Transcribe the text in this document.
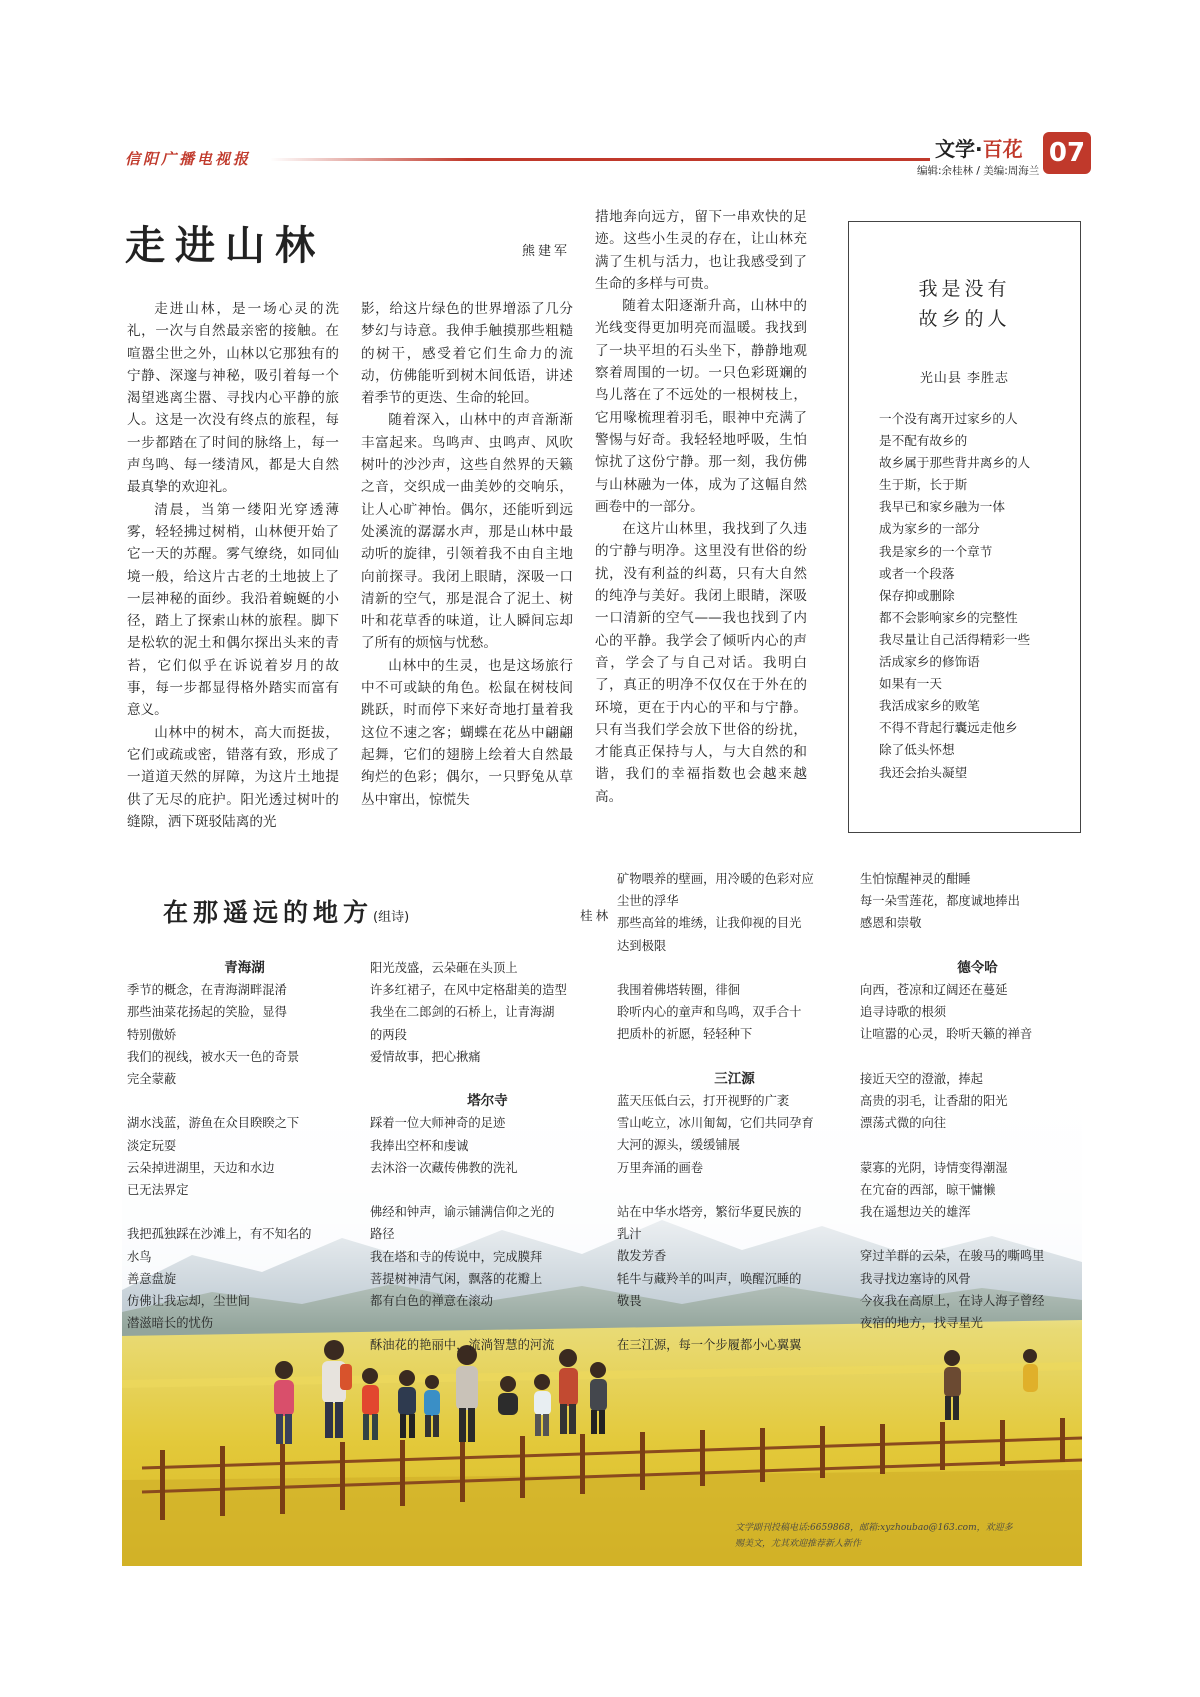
信阳广播电视报	文学·百花 07
编辑:余桂林 / 美编:周海兰
走进山林	熊建军

走进山林，是一场心灵的洗礼，一次与自然最亲密的接触。在喧嚣尘世之外，山林以它那独有的宁静、深邃与神秘，吸引着每一个渴望逃离尘嚣、寻找内心平静的旅人。这是一次没有终点的旅程，每一步都踏在了时间的脉络上，每一声鸟鸣、每一缕清风，都是大自然最真挚的欢迎礼。

清晨，当第一缕阳光穿透薄雾，轻轻拂过树梢，山林便开始了它一天的苏醒。雾气缭绕，如同仙境一般，给这片古老的土地披上了一层神秘的面纱。我沿着蜿蜒的小径，踏上了探索山林的旅程。脚下是松软的泥土和偶尔探出头来的青苔，它们似乎在诉说着岁月的故事，每一步都显得格外踏实而富有意义。

山林中的树木，高大而挺拔，它们或疏或密，错落有致，形成了一道道天然的屏障，为这片土地提供了无尽的庇护。阳光透过树叶的缝隙，洒下斑驳陆离的光

影，给这片绿色的世界增添了几分梦幻与诗意。我伸手触摸那些粗糙的树干，感受着它们生命力的流动，仿佛能听到树木间低语，讲述着季节的更迭、生命的轮回。

随着深入，山林中的声音渐渐丰富起来。鸟鸣声、虫鸣声、风吹树叶的沙沙声，这些自然界的天籁之音，交织成一曲美妙的交响乐，让人心旷神怡。偶尔，还能听到远处溪流的潺潺水声，那是山林中最动听的旋律，引领着我不由自主地向前探寻。我闭上眼睛，深吸一口清新的空气，那是混合了泥土、树叶和花草香的味道，让人瞬间忘却了所有的烦恼与忧愁。

山林中的生灵，也是这场旅行中不可或缺的角色。松鼠在树枝间跳跃，时而停下来好奇地打量着我这位不速之客；蝴蝶在花丛中翩翩起舞，它们的翅膀上绘着大自然最绚烂的色彩；偶尔，一只野兔从草丛中窜出，惊慌失

措地奔向远方，留下一串欢快的足迹。这些小生灵的存在，让山林充满了生机与活力，也让我感受到了生命的多样与可贵。

随着太阳逐渐升高，山林中的光线变得更加明亮而温暖。我找到了一块平坦的石头坐下，静静地观察着周围的一切。一只色彩斑斓的鸟儿落在了不远处的一根树枝上，它用喙梳理着羽毛，眼神中充满了警惕与好奇。我轻轻地呼吸，生怕惊扰了这份宁静。那一刻，我仿佛与山林融为一体，成为了这幅自然画卷中的一部分。

在这片山林里，我找到了久违的宁静与明净。这里没有世俗的纷扰，没有利益的纠葛，只有大自然的纯净与美好。我闭上眼睛，深吸一口清新的空气——我也找到了内心的平静。我学会了倾听内心的声音，学会了与自己对话。我明白了，真正的明净不仅仅在于外在的环境，更在于内心的平和与宁静。只有当我们学会放下世俗的纷扰，才能真正保持与人，与大自然的和谐，我们的幸福指数也会越来越高。

我是没有
故乡的人
光山县 李胜志
一个没有离开过家乡的人
是不配有故乡的
故乡属于那些背井离乡的人
生于斯，长于斯
我早已和家乡融为一体
成为家乡的一部分
我是家乡的一个章节
或者一个段落
保存抑或删除
都不会影响家乡的完整性
我尽量让自己活得精彩一些
活成家乡的修饰语
如果有一天
我活成家乡的败笔
不得不背起行囊远走他乡
除了低头怀想
我还会抬头凝望
在那遥远的地方(组诗)	桂林
青海湖
季节的概念，在青海湖畔混淆
那些油菜花扬起的笑脸，显得
特别傲娇
我们的视线，被水天一色的奇景
完全蒙蔽
湖水浅蓝，游鱼在众目睽睽之下
淡定玩耍
云朵掉进湖里，天边和水边
已无法界定
我把孤独踩在沙滩上，有不知名的
水鸟
善意盘旋
仿佛让我忘却，尘世间
潜滋暗长的忧伤
阳光茂盛，云朵砸在头顶上
许多红裙子，在风中定格甜美的造型
我坐在二郎剑的石桥上，让青海湖
的两段
爱情故事，把心揪痛
塔尔寺
踩着一位大师神奇的足迹
我捧出空杯和虔诚
去沐浴一次藏传佛教的洗礼
佛经和钟声，谕示铺满信仰之光的
路径
我在塔和寺的传说中，完成膜拜
菩提树神清气闲，飘落的花瓣上
都有白色的禅意在滚动
酥油花的艳丽中，流淌智慧的河流
矿物喂养的壁画，用冷暖的色彩对应
尘世的浮华
那些高耸的堆绣，让我仰视的目光
达到极限
我围着佛塔转圈，徘徊
聆听内心的童声和鸟鸣，双手合十
把质朴的祈愿，轻轻种下
三江源
蓝天压低白云，打开视野的广袤
雪山屹立，冰川匍匐，它们共同孕育
大河的源头，缓缓铺展
万里奔涌的画卷
站在中华水塔旁，繁衍华夏民族的
乳汁
散发芳香
牦牛与藏羚羊的叫声，唤醒沉睡的
敬畏
在三江源，每一个步履都小心翼翼
生怕惊醒神灵的酣睡
每一朵雪莲花，都度诚地捧出
感恩和崇敬
德令哈
向西，苍凉和辽阔还在蔓延
追寻诗歌的根须
让喧嚣的心灵，聆听天籁的禅音
接近天空的澄澈，捧起
高贵的羽毛，让香甜的阳光
漂荡式微的向往
蒙寡的光阴，诗情变得潮湿
在宂奋的西部，晾干慵懒
我在遥想边关的雄浑
穿过羊群的云朵，在骏马的嘶鸣里
我寻找边塞诗的风骨
今夜我在高原上，在诗人海子曾经
夜宿的地方，找寻星光
文学副刊投稿电话:6659868，邮箱:xyzhoubao@163.com，欢迎多
赐美文，尤其欢迎推荐新人新作
